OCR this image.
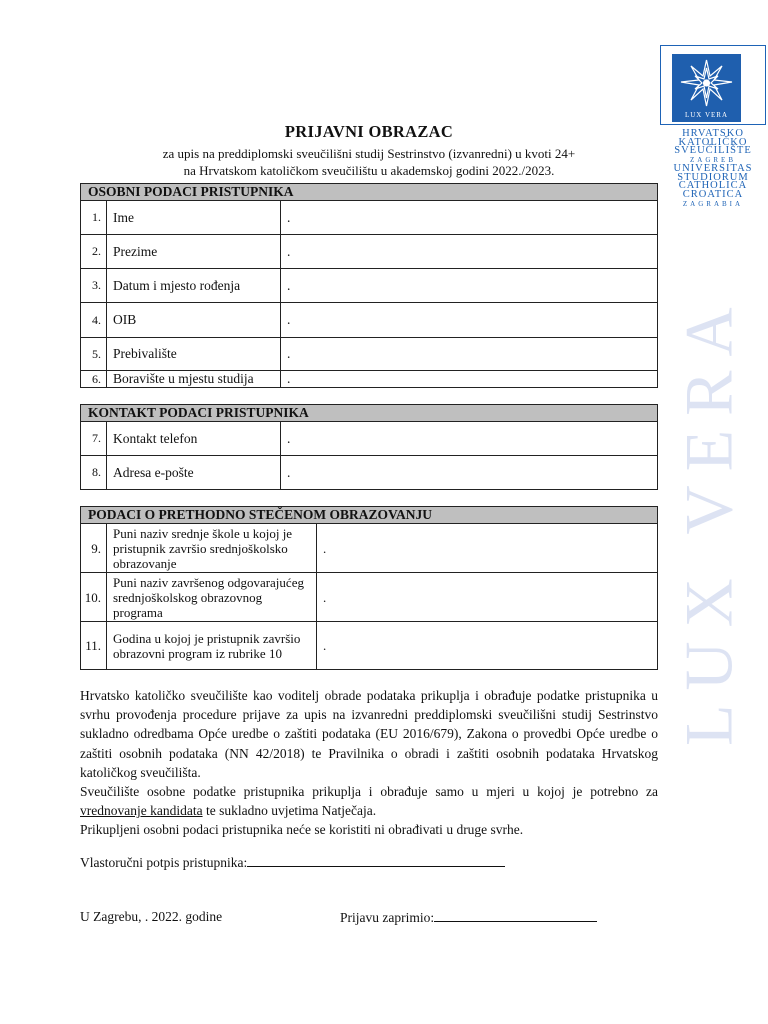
LUX VERA
HRVATSKO
KATOLIČKO
SVEUČILIŠTE
ZAGREB
UNIVERSITAS
STUDIORUM
CATHOLICA
CROATICA
ZAGRABIA
LUX VERA
PRIJAVNI OBRAZAC
za upis na preddiplomski sveučilišni studij Sestrinstvo (izvanredni) u kvoti 24+
na Hrvatskom katoličkom sveučilištu u akademskoj godini 2022./2023.
OSOBNI PODACI PRISTUPNIKA		
1.	Ime	.
2.	Prezime	.
3.	Datum i mjesto rođenja	.
4.	OIB	.
5.	Prebivalište	.
6.	Boravište u mjestu studija	.
KONTAKT PODACI PRISTUPNIKA		
7.	Kontakt telefon	.
8.	Adresa e-pošte	.
PODACI O PRETHODNO STEČENOM OBRAZOVANJU		
9.	Puni naziv srednje škole u kojoj je pristupnik završio srednjoškolsko obrazovanje	.
10.	Puni naziv završenog odgovarajućeg srednjoškolskog obrazovnog programa	.
11.	Godina u kojoj je pristupnik završio obrazovni program iz rubrike 10	.

Hrvatsko katoličko sveučilište kao voditelj obrade podataka prikuplja i obrađuje podatke pristupnika u svrhu provođenja procedure prijave za upis na izvanredni preddiplomski sveučilišni studij Sestrinstvo sukladno odredbama Opće uredbe o zaštiti podataka (EU 2016/679), Zakona o provedbi Opće uredbe o zaštiti osobnih podataka (NN 42/2018) te Pravilnika o obradi i zaštiti osobnih podataka Hrvatskog katoličkog sveučilišta.

Sveučilište osobne podatke pristupnika prikuplja i obrađuje samo u mjeri u kojoj je potrebno za vrednovanje kandidata te sukladno uvjetima Natječaja.

Prikupljeni osobni podaci pristupnika neće se koristiti ni obrađivati u druge svrhe.

Vlastoručni potpis pristupnika:
U Zagrebu, . 2022. godine	Prijavu zaprimio:
